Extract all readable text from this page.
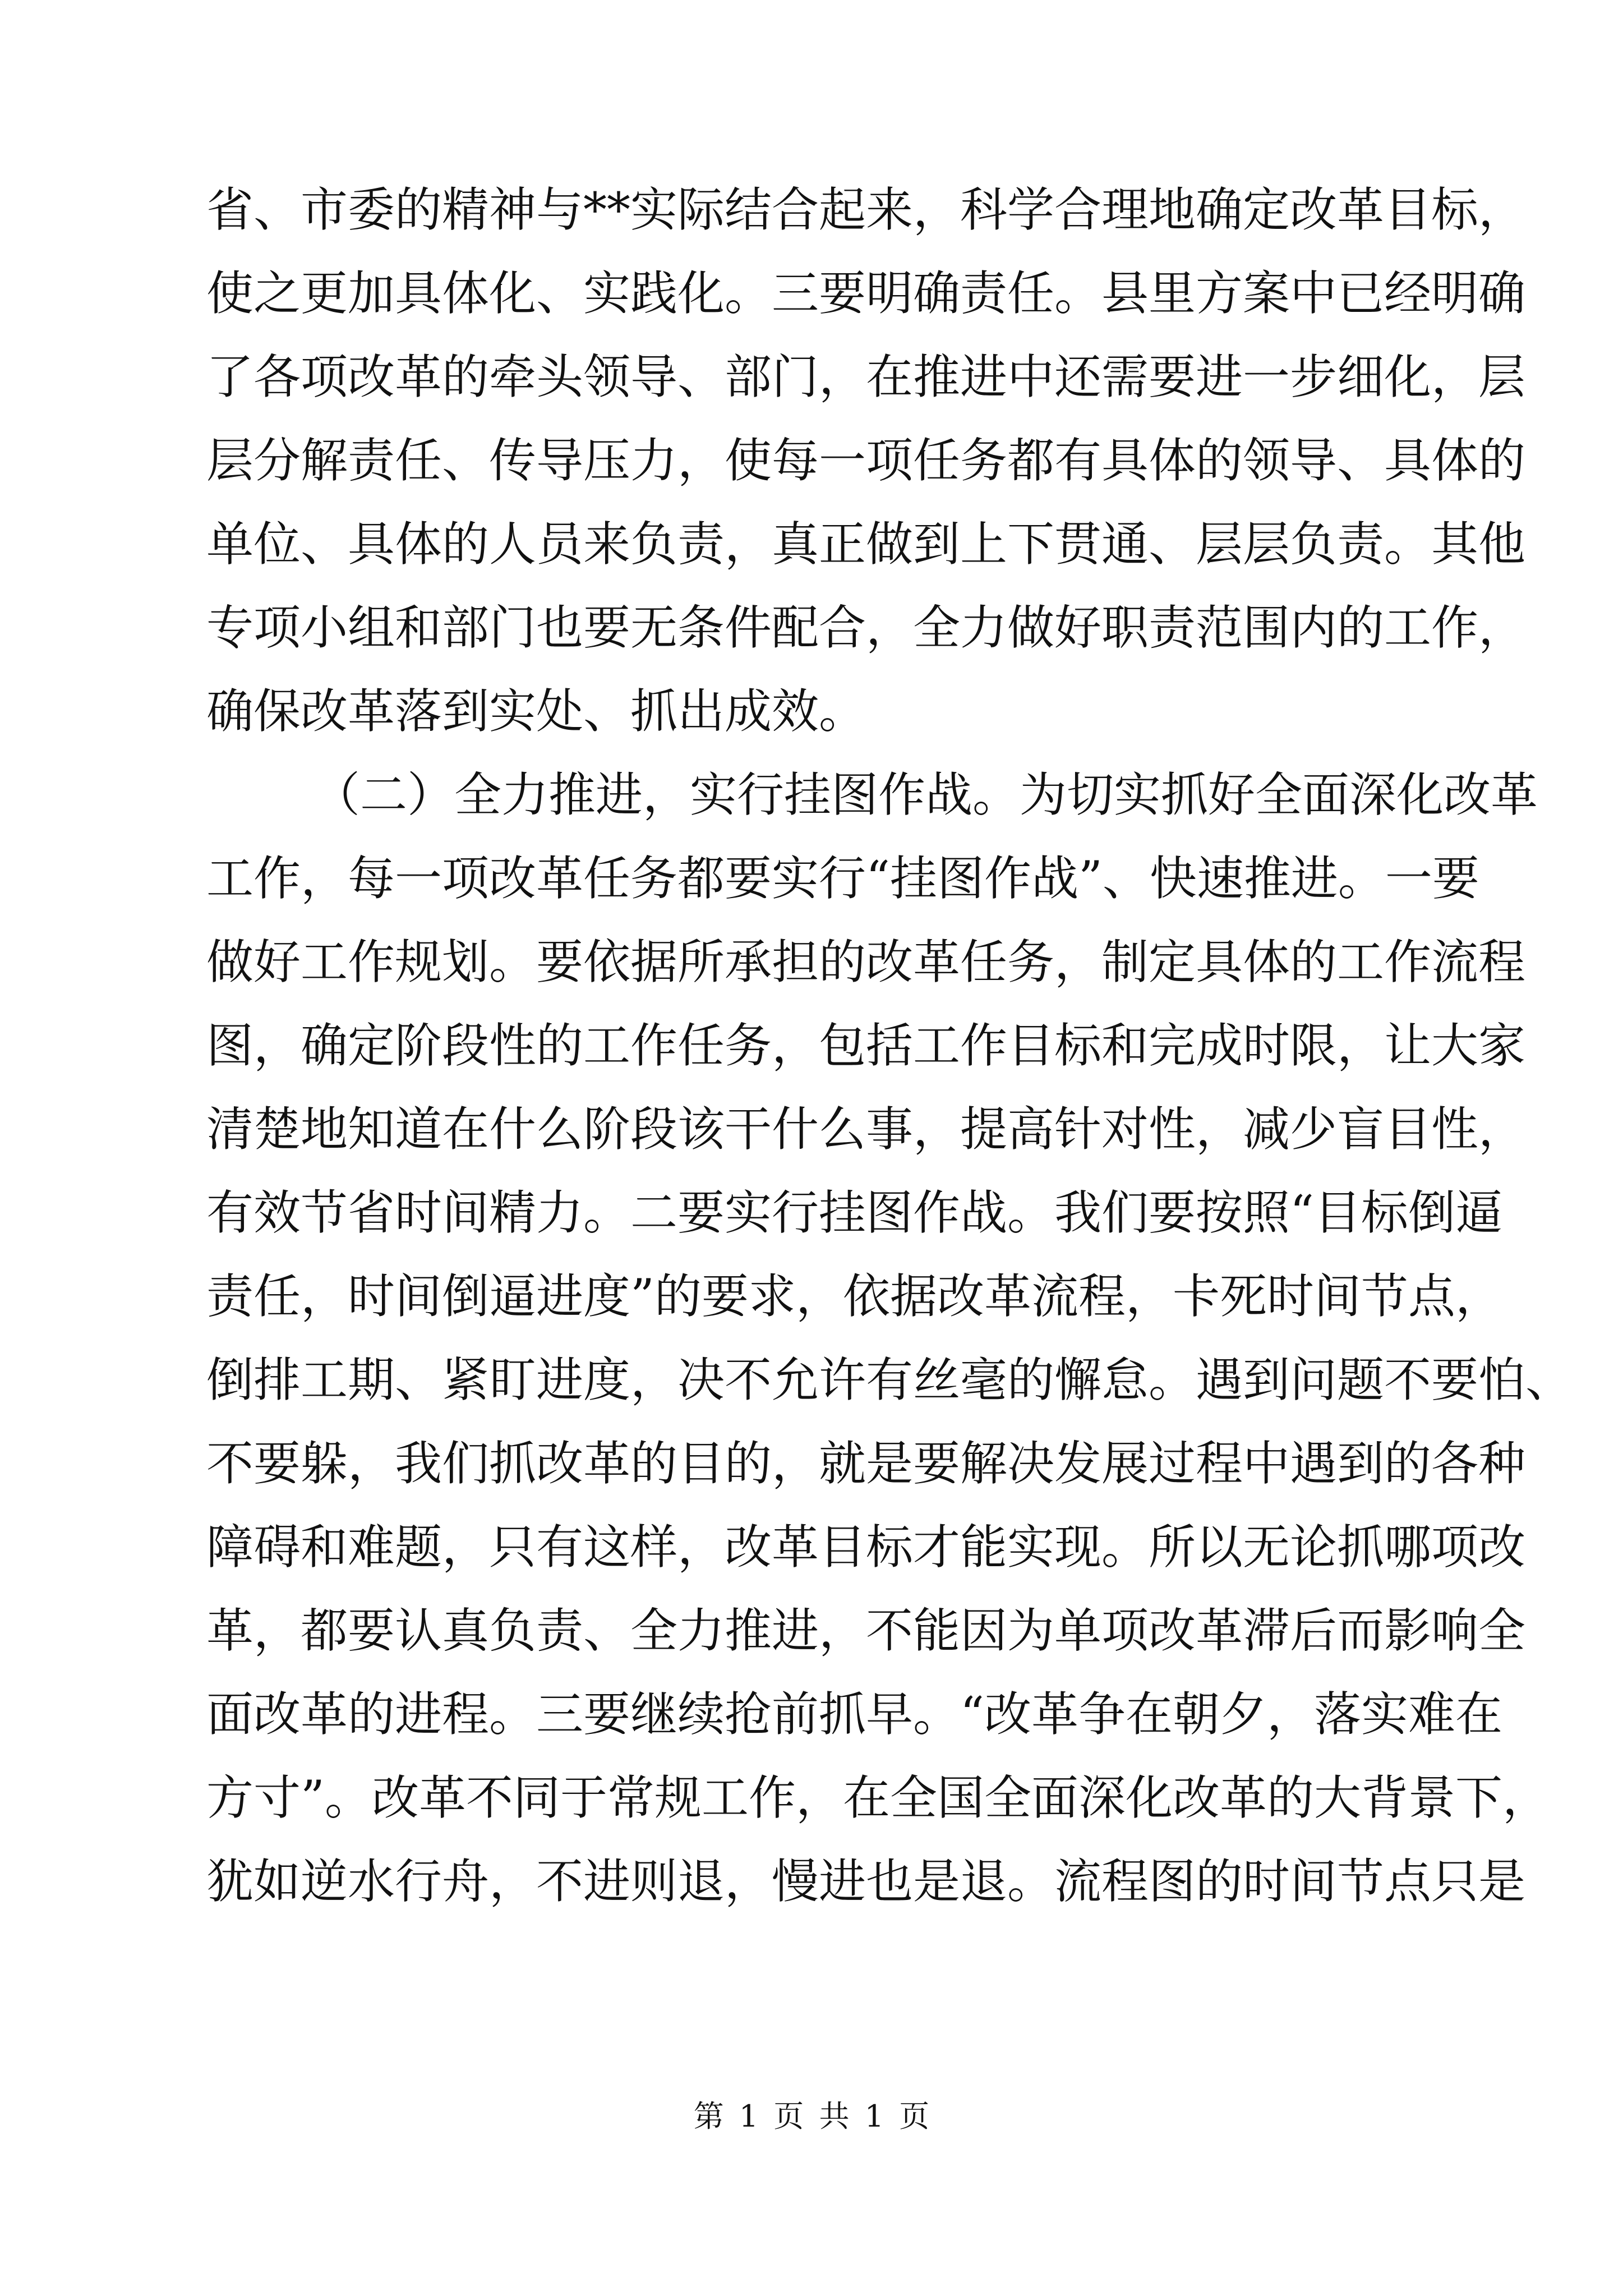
省、市委的精神与**实际结合起来，科学合理地确定改革目标，
使之更加具体化、实践化。三要明确责任。县里方案中已经明确
了各项改革的牵头领导、部门，在推进中还需要进一步细化，层
层分解责任、传导压力，使每一项任务都有具体的领导、具体的
单位、具体的人员来负责，真正做到上下贯通、层层负责。其他
专项小组和部门也要无条件配合，全力做好职责范围内的工作，
确保改革落到实处、抓出成效。
（二）全力推进，实行挂图作战。为切实抓好全面深化改革
工作，每一项改革任务都要实行“挂图作战”、快速推进。一要
做好工作规划。要依据所承担的改革任务，制定具体的工作流程
图，确定阶段性的工作任务，包括工作目标和完成时限，让大家
清楚地知道在什么阶段该干什么事，提高针对性，减少盲目性，
有效节省时间精力。二要实行挂图作战。我们要按照“目标倒逼
责任，时间倒逼进度”的要求，依据改革流程，卡死时间节点，
倒排工期、紧盯进度，决不允许有丝毫的懈怠。遇到问题不要怕、
不要躲，我们抓改革的目的，就是要解决发展过程中遇到的各种
障碍和难题，只有这样，改革目标才能实现。所以无论抓哪项改
革，都要认真负责、全力推进，不能因为单项改革滞后而影响全
面改革的进程。三要继续抢前抓早。“改革争在朝夕，落实难在
方寸”。改革不同于常规工作，在全国全面深化改革的大背景下，
犹如逆水行舟，不进则退，慢进也是退。流程图的时间节点只是
第 1 页 共 1 页
